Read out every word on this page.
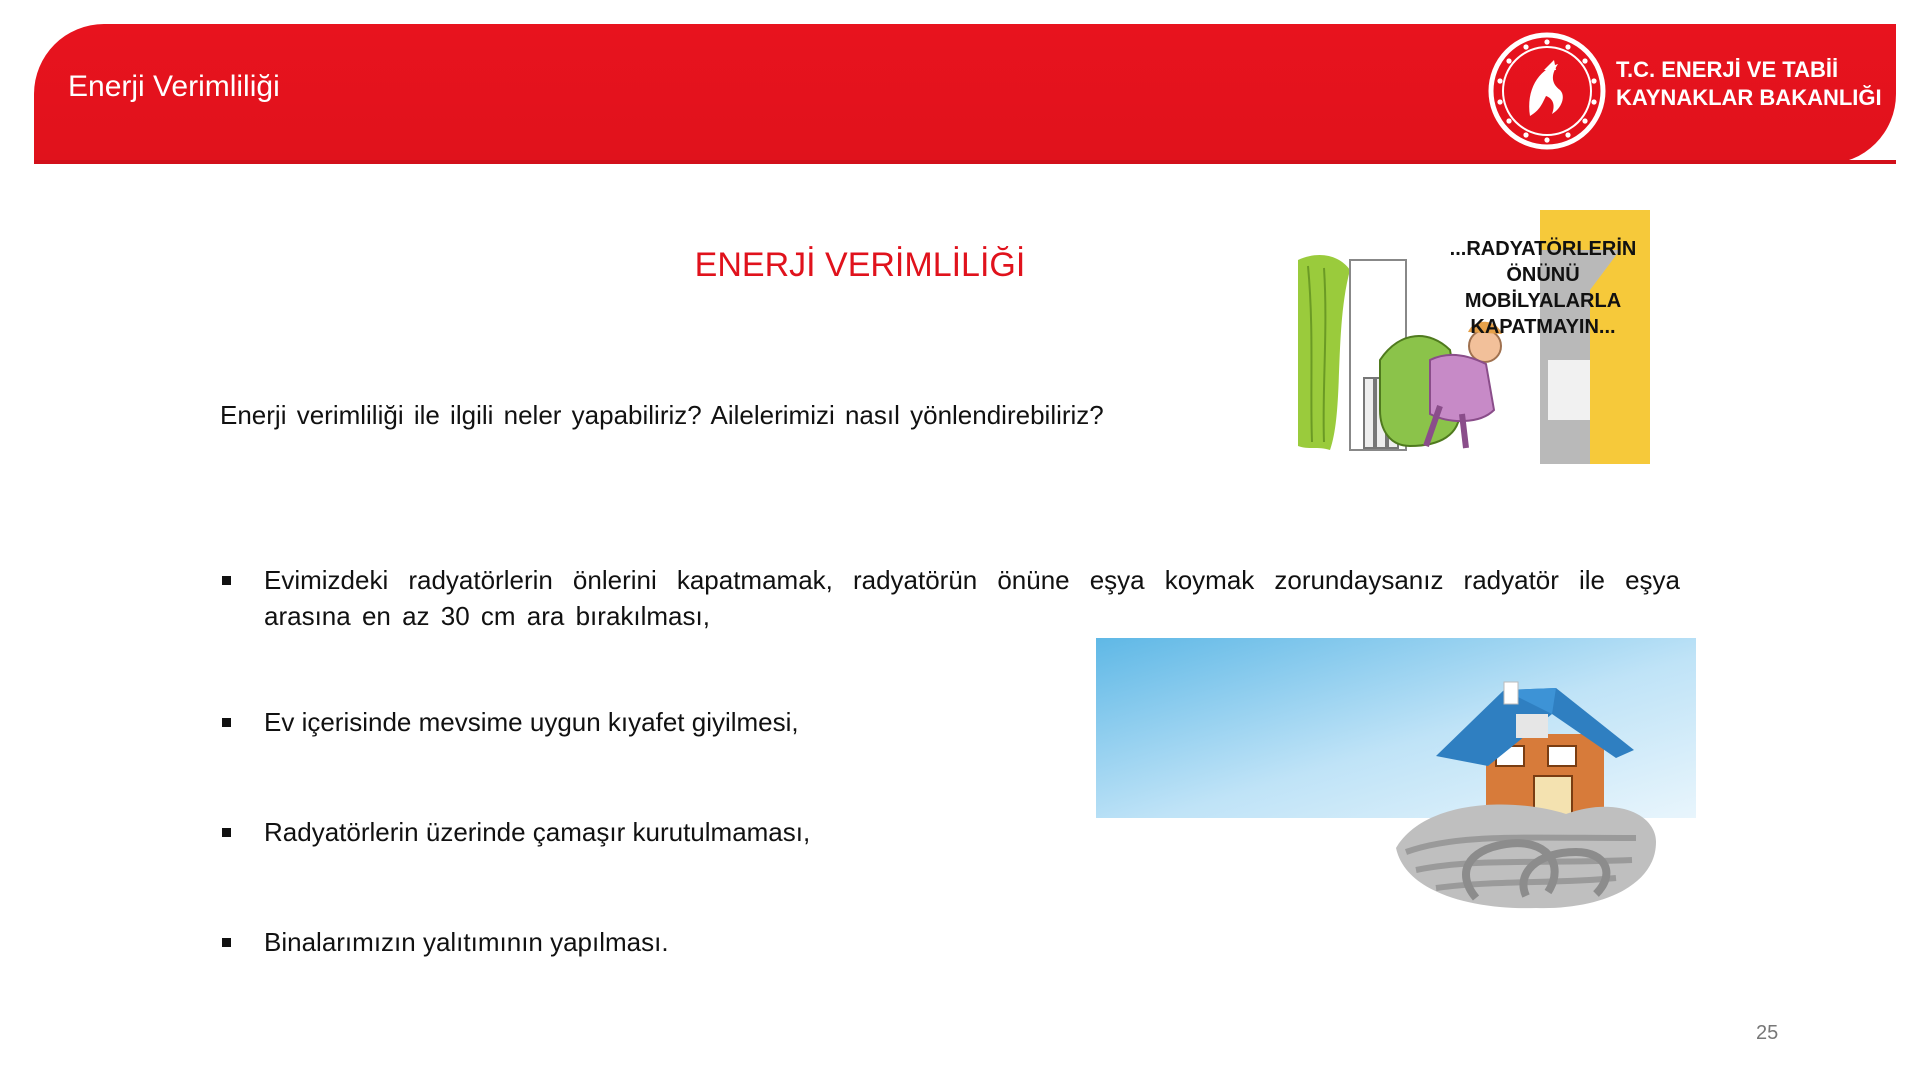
Enerji Verimliliği
T.C. ENERJİ VE TABİİ
KAYNAKLAR BAKANLIĞI
ENERJİ VERİMLİLİĞİ
Enerji verimliliği ile ilgili neler yapabiliriz? Ailelerimizi nasıl yönlendirebiliriz?
...RADYATÖRLERİN ÖNÜNÜ MOBİLYALARLA KAPATMAYIN...
Evimizdeki radyatörlerin önlerini kapatmamak, radyatörün önüne eşya koymak zorundaysanız radyatör ile eşya arasına en az 30 cm ara bırakılması,
Ev içerisinde mevsime uygun kıyafet giyilmesi,
Radyatörlerin üzerinde çamaşır kurutulmaması,
Binalarımızın yalıtımının yapılması.
25
